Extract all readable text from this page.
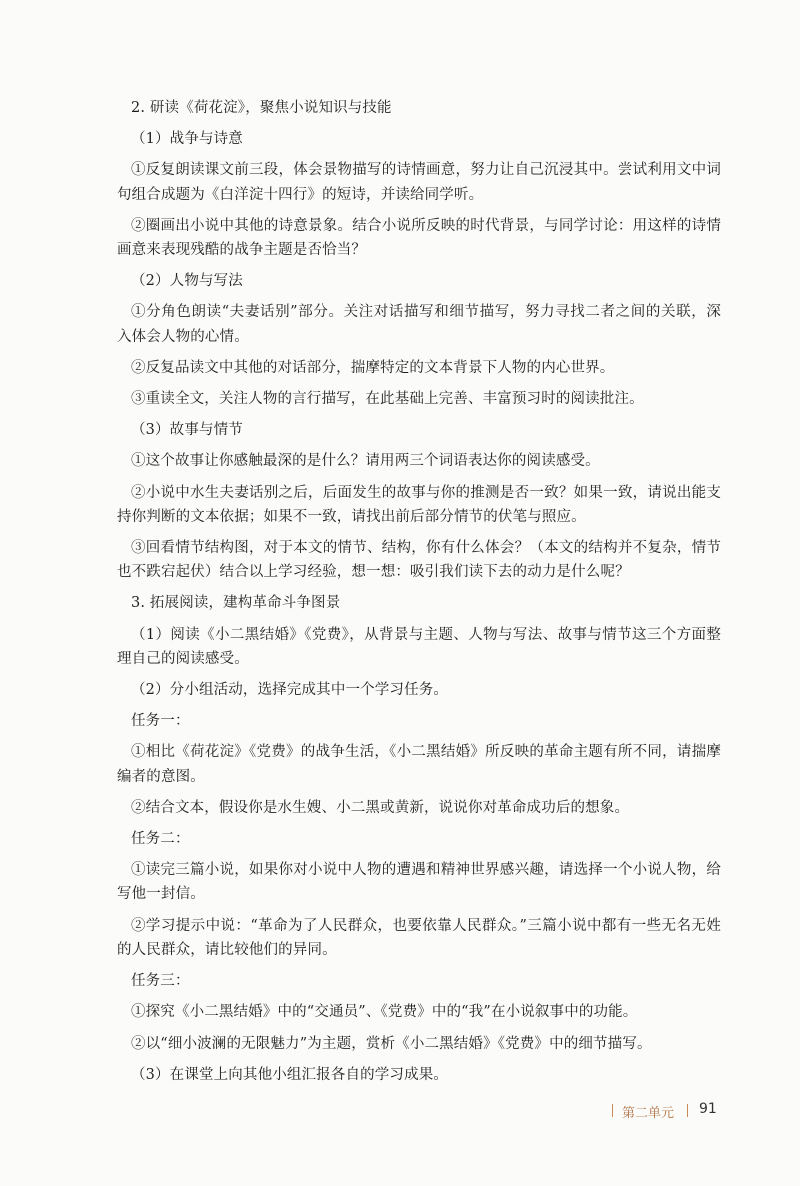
2. 研读《荷花淀》，聚焦小说知识与技能

（1）战争与诗意

①反复朗读课文前三段，体会景物描写的诗情画意，努力让自己沉浸其中。尝试利用文中词

句组合成题为《白洋淀十四行》的短诗，并读给同学听。

②圈画出小说中其他的诗意景象。结合小说所反映的时代背景，与同学讨论：用这样的诗情

画意来表现残酷的战争主题是否恰当？

（2）人物与写法

①分角色朗读“夫妻话别”部分。关注对话描写和细节描写，努力寻找二者之间的关联，深

入体会人物的心情。

②反复品读文中其他的对话部分，揣摩特定的文本背景下人物的内心世界。

③重读全文，关注人物的言行描写，在此基础上完善、丰富预习时的阅读批注。

（3）故事与情节

①这个故事让你感触最深的是什么？请用两三个词语表达你的阅读感受。

②小说中水生夫妻话别之后，后面发生的故事与你的推测是否一致？如果一致，请说出能支

持你判断的文本依据；如果不一致，请找出前后部分情节的伏笔与照应。

③回看情节结构图，对于本文的情节、结构，你有什么体会？（本文的结构并不复杂，情节

也不跌宕起伏）结合以上学习经验，想一想：吸引我们读下去的动力是什么呢？

3. 拓展阅读，建构革命斗争图景

（1）阅读《小二黑结婚》《党费》，从背景与主题、人物与写法、故事与情节这三个方面整

理自己的阅读感受。

（2）分小组活动，选择完成其中一个学习任务。

任务一：

①相比《荷花淀》《党费》的战争生活，《小二黑结婚》所反映的革命主题有所不同，请揣摩

编者的意图。

②结合文本，假设你是水生嫂、小二黑或黄新，说说你对革命成功后的想象。

任务二：

①读完三篇小说，如果你对小说中人物的遭遇和精神世界感兴趣，请选择一个小说人物，给

写他一封信。

②学习提示中说：“革命为了人民群众，也要依靠人民群众。”三篇小说中都有一些无名无姓

的人民群众，请比较他们的异同。

任务三：

①探究《小二黑结婚》中的“交通员”、《党费》中的“我”在小说叙事中的功能。

②以“细小波澜的无限魅力”为主题，赏析《小二黑结婚》《党费》中的细节描写。

（3）在课堂上向其他小组汇报各自的学习成果。

第二单元 91
